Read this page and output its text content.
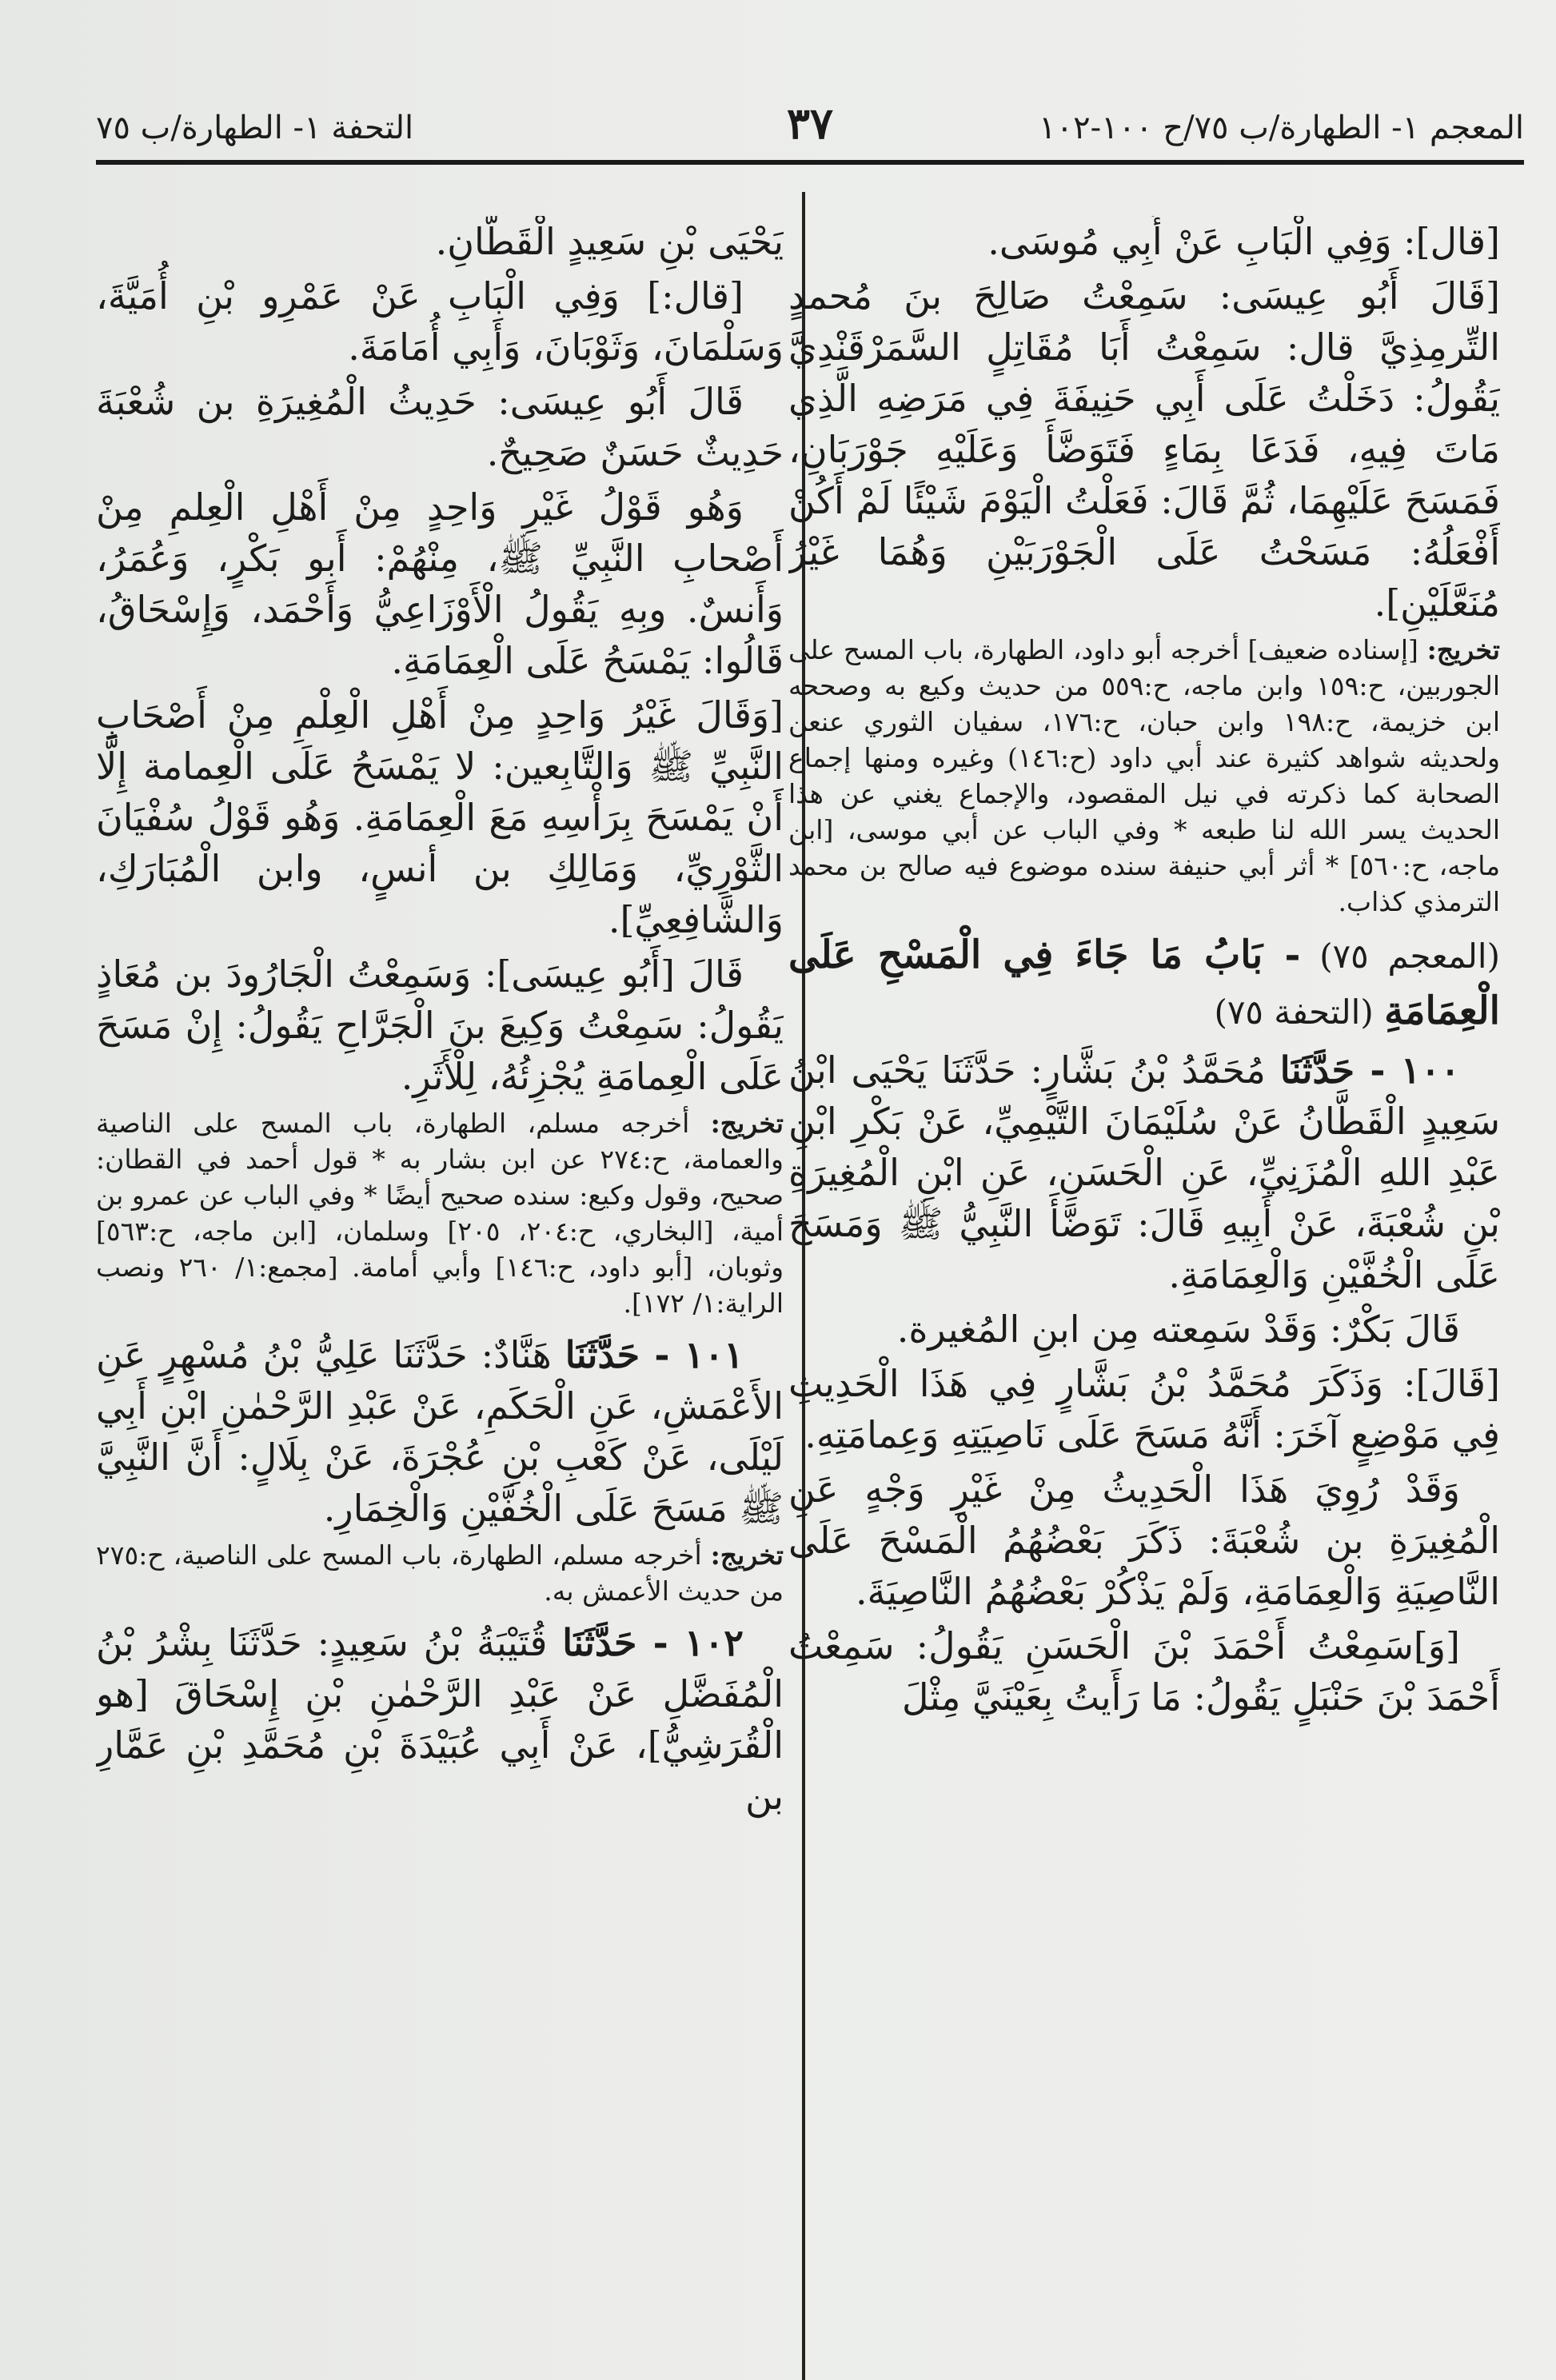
المعجم ١- الطهارة/ب ٧٥/ح ١٠٠-١٠٢
٣٧
التحفة ١- الطهارة/ب ٧٥

[قال]: وَفِي الْبَابِ عَنْ أَبِي مُوسَى.

[قَالَ أَبُو عِيسَى: سَمِعْتُ صَالِحَ بنَ مُحمدٍ التِّرمِذِيَّ قال: سَمِعْتُ أَبَا مُقَاتِلٍ السَّمَرْقَنْدِيَّ يَقُولُ: دَخَلْتُ عَلَى أَبِي حَنِيفَةَ فِي مَرَضِهِ الَّذِي مَاتَ فِيهِ، فَدَعَا بِمَاءٍ فَتَوَضَّأَ وَعَلَيْهِ جَوْرَبَانِ، فَمَسَحَ عَلَيْهِمَا، ثُمَّ قَالَ: فَعَلْتُ الْيَوْمَ شَيْئًا لَمْ أَكُنْ أَفْعَلُهُ: مَسَحْتُ عَلَى الْجَوْرَبَيْنِ وَهُمَا غَيْرُ مُنَعَّلَيْنِ].

تخريج: [إسناده ضعيف] أخرجه أبو داود، الطهارة، باب المسح على الجوربين، ح:١٥٩ وابن ماجه، ح:٥٥٩ من حديث وكيع به وصححه ابن خزيمة، ح:١٩٨ وابن حبان، ح:١٧٦، سفيان الثوري عنعن ولحديثه شواهد كثيرة عند أبي داود (ح:١٤٦) وغيره ومنها إجماع الصحابة كما ذكرته في نيل المقصود، والإجماع يغني عن هذا الحديث يسر الله لنا طبعه * وفي الباب عن أبي موسى، [ابن ماجه، ح:٥٦٠] * أثر أبي حنيفة سنده موضوع فيه صالح بن محمد الترمذي كذاب.

(المعجم ٧٥) - بَابُ مَا جَاءَ فِي الْمَسْحِ عَلَى الْعِمَامَةِ (التحفة ٧٥)

١٠٠ - حَدَّثَنَا مُحَمَّدُ بْنُ بَشَّارٍ: حَدَّثَنَا يَحْيَى ابْنُ سَعِيدٍ الْقَطَّانُ عَنْ سُلَيْمَانَ التَّيْمِيِّ، عَنْ بَكْرِ ابْنِ عَبْدِ اللهِ الْمُزَنِيِّ، عَنِ الْحَسَنِ، عَنِ ابْنِ الْمُغِيرَةِ بْنِ شُعْبَةَ، عَنْ أَبِيهِ قَالَ: تَوَضَّأَ النَّبِيُّ ﷺ وَمَسَحَ عَلَى الْخُفَّيْنِ وَالْعِمَامَةِ.

قَالَ بَكْرٌ: وَقَدْ سَمِعته مِن ابنِ المُغيرة.

[قَالَ]: وَذَكَرَ مُحَمَّدُ بْنُ بَشَّارٍ فِي هَذَا الْحَدِيثِ فِي مَوْضِعٍ آخَرَ: أَنَّهُ مَسَحَ عَلَى نَاصِيَتِهِ وَعِمامَتِهِ.

وَقَدْ رُوِيَ هَذَا الْحَدِيثُ مِنْ غَيْرِ وَجْهٍ عَنِ الْمُغِيرَةِ بن شُعْبَةَ: ذَكَرَ بَعْضُهُمُ الْمَسْحَ عَلَى النَّاصِيَةِ وَالْعِمَامَةِ، وَلَمْ يَذْكُرْ بَعْضُهُمُ النَّاصِيَةَ.

[وَ]سَمِعْتُ أَحْمَدَ بْنَ الْحَسَنِ يَقُولُ: سَمِعْتُ أَحْمَدَ بْنَ حَنْبَلٍ يَقُولُ: مَا رَأَيتُ بِعَيْنَيَّ مِثْلَ

يَحْيَى بْنِ سَعِيدٍ الْقَطَّانِ.

[قال:] وَفِي الْبَابِ عَنْ عَمْرِو بْنِ أُمَيَّةَ، وَسَلْمَانَ، وَثَوْبَانَ، وَأَبِي أُمَامَةَ.

قَالَ أَبُو عِيسَى: حَدِيثُ الْمُغِيرَةِ بن شُعْبَةَ حَدِيثٌ حَسَنٌ صَحِيحٌ.

وَهُو قَوْلُ غَيْرِ وَاحِدٍ مِنْ أَهْلِ الْعِلمِ مِنْ أَصْحابِ النَّبِيِّ ﷺ، مِنْهُمْ: أَبو بَكْرٍ، وَعُمَرُ، وَأَنسٌ. وبِهِ يَقُولُ الْأَوْزَاعِيُّ وَأَحْمَد، وَإِسْحَاقُ، قَالُوا: يَمْسَحُ عَلَى الْعِمَامَةِ.

[وَقَالَ غَيْرُ وَاحِدٍ مِنْ أَهْلِ الْعِلْمِ مِنْ أَصْحَابِ النَّبِيِّ ﷺ وَالتَّابِعين: لا يَمْسَحُ عَلَى الْعِمامة إِلَّا أَنْ يَمْسَحَ بِرَأْسِهِ مَعَ الْعِمَامَةِ. وَهُو قَوْلُ سُفْيَانَ الثَّوْرِيِّ، وَمَالِكِ بن أنسٍ، وابن الْمُبَارَكِ، وَالشَّافِعِيِّ].

قَالَ [أَبُو عِيسَى]: وَسَمِعْتُ الْجَارُودَ بن مُعَاذٍ يَقُولُ: سَمِعْتُ وَكِيعَ بنَ الْجَرَّاحِ يَقُولُ: إِنْ مَسَحَ عَلَى الْعِمامَةِ يُجْزِئُهُ، لِلْأَثَرِ.

تخريج: أخرجه مسلم، الطهارة، باب المسح على الناصية والعمامة، ح:٢٧٤ عن ابن بشار به * قول أحمد في القطان: صحيح، وقول وكيع: سنده صحيح أيضًا * وفي الباب عن عمرو بن أمية، [البخاري، ح:٢٠٤، ٢٠٥] وسلمان، [ابن ماجه، ح:٥٦٣] وثوبان، [أبو داود، ح:١٤٦] وأبي أمامة. [مجمع:١/ ٢٦٠ ونصب الراية:١/ ١٧٢].

١٠١ - حَدَّثَنَا هَنَّادٌ: حَدَّثَنَا عَلِيُّ بْنُ مُسْهِرٍ عَنِ الأَعْمَشِ، عَنِ الْحَكَمِ، عَنْ عَبْدِ الرَّحْمٰنِ ابْنِ أَبِي لَيْلَى، عَنْ كَعْبِ بْنِ عُجْرَةَ، عَنْ بِلَالٍ: أَنَّ النَّبِيَّ ﷺ مَسَحَ عَلَى الْخُفَّيْنِ وَالْخِمَارِ.

تخريج: أخرجه مسلم، الطهارة، باب المسح على الناصية، ح:٢٧٥ من حديث الأعمش به.

١٠٢ - حَدَّثَنَا قُتَيْبَةُ بْنُ سَعِيدٍ: حَدَّثَنَا بِشْرُ بْنُ الْمُفَضَّلِ عَنْ عَبْدِ الرَّحْمٰنِ بْنِ إِسْحَاقَ [هو الْقُرَشِيُّ]، عَنْ أَبِي عُبَيْدَةَ بْنِ مُحَمَّدِ بْنِ عَمَّارِ بن
